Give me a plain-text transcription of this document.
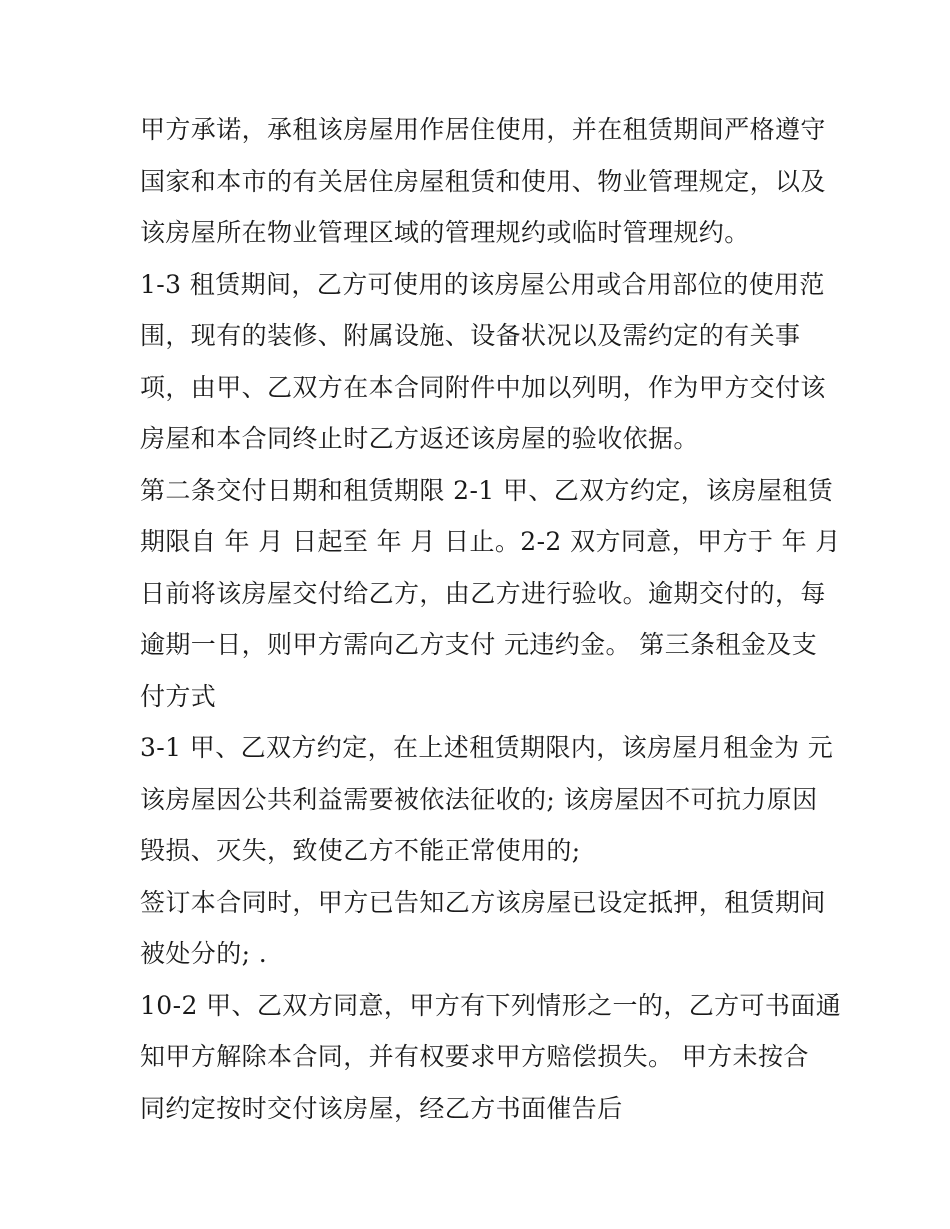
甲方承诺，承租该房屋用作居住使用，并在租赁期间严格遵守
国家和本市的有关居住房屋租赁和使用、物业管理规定，以及
该房屋所在物业管理区域的管理规约或临时管理规约。
1-3 租赁期间，乙方可使用的该房屋公用或合用部位的使用范
围，现有的装修、附属设施、设备状况以及需约定的有关事
项，由甲、乙双方在本合同附件中加以列明，作为甲方交付该
房屋和本合同终止时乙方返还该房屋的验收依据。
第二条交付日期和租赁期限 2-1 甲、乙双方约定，该房屋租赁
期限自 年 月 日起至 年 月 日止。2-2 双方同意，甲方于 年 月
日前将该房屋交付给乙方，由乙方进行验收。逾期交付的，每
逾期一日，则甲方需向乙方支付 元违约金。 第三条租金及支
付方式
3-1 甲、乙双方约定，在上述租赁期限内，该房屋月租金为 元
该房屋因公共利益需要被依法征收的; 该房屋因不可抗力原因
毁损、灭失，致使乙方不能正常使用的;
签订本合同时，甲方已告知乙方该房屋已设定抵押，租赁期间
被处分的; .
10-2 甲、乙双方同意，甲方有下列情形之一的，乙方可书面通
知甲方解除本合同，并有权要求甲方赔偿损失。 甲方未按合
同约定按时交付该房屋，经乙方书面催告后
